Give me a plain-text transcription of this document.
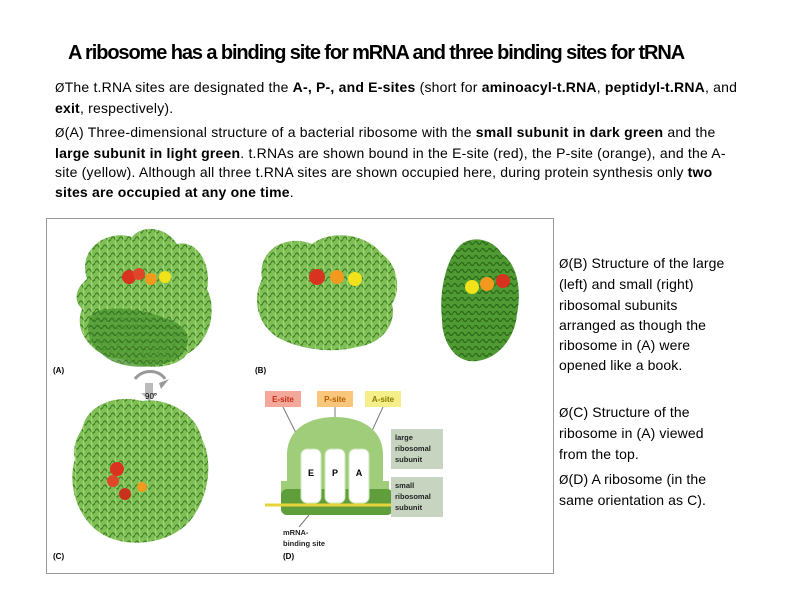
A ribosome has a binding site for mRNA and three binding sites for tRNA
ØThe t.RNA sites are designated the A-, P-, and E-sites (short for aminoacyl-t.RNA, peptidyl-t.RNA, and exit, respectively).
Ø(A) Three-dimensional structure of a bacterial ribosome with the small subunit in dark green and the large subunit in light green. t.RNAs are shown bound in the E-site (red), the P-site (orange), and the A-site (yellow). Although all three t.RNA sites are shown occupied here, during protein synthesis only two sites are occupied at any one time.
(A)
90°
(C)
(B)
E-site	P-site	A-site
E P A
large
ribosomal
subunit
small
ribosomal
subunit
mRNA-
binding site
(D)
Ø(B) Structure of the large (left) and small (right) ribosomal subunits arranged as though the ribosome in (A) were opened like a book.
Ø(C) Structure of the ribosome in (A) viewed from the top.
Ø(D) A ribosome (in the same orientation as C).
